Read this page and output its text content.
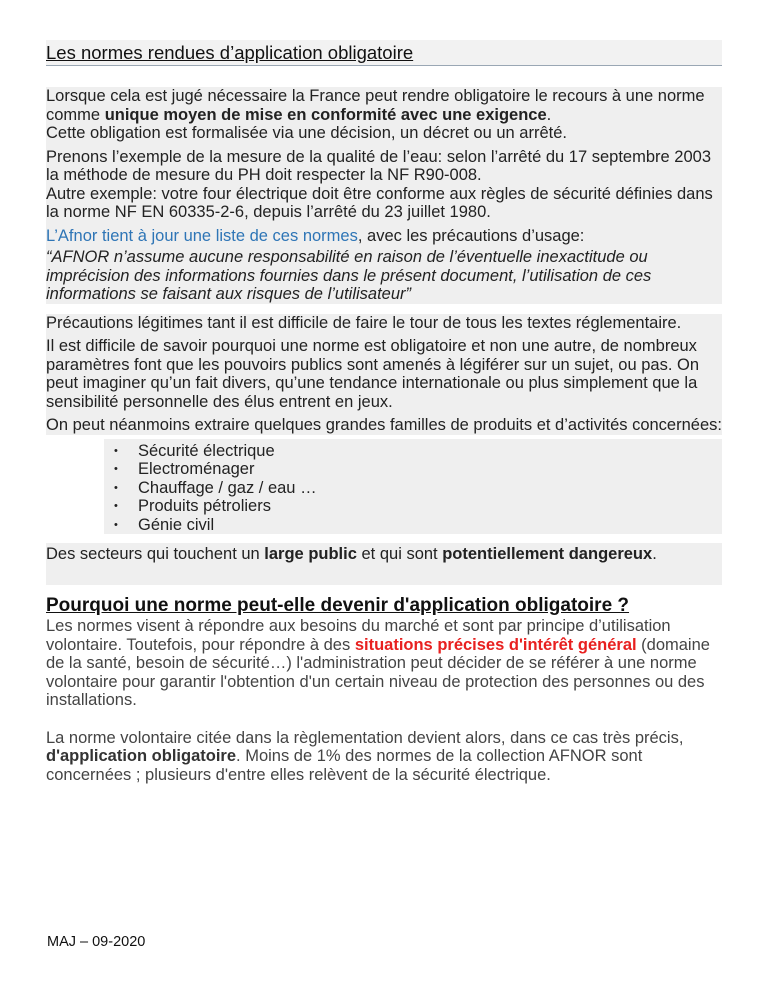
Les normes rendues d’application obligatoire

Lorsque cela est jugé nécessaire la France peut rendre obligatoire le recours à une norme comme unique moyen de mise en conformité avec une exigence.

Cette obligation est formalisée via une décision, un décret ou un arrêté.

Prenons l’exemple de la mesure de la qualité de l’eau: selon l’arrêté du 17 septembre 2003 la méthode de mesure du PH doit respecter la NF R90-008.

Autre exemple: votre four électrique doit être conforme aux règles de sécurité définies dans la norme NF EN 60335-2-6, depuis l’arrêté du 23 juillet 1980.

L’Afnor tient à jour une liste de ces normes, avec les précautions d’usage:

“AFNOR n’assume aucune responsabilité en raison de l’éventuelle inexactitude ou imprécision des informations fournies dans le présent document, l’utilisation de ces informations se faisant aux risques de l’utilisateur”

Précautions légitimes tant il est difficile de faire le tour de tous les textes réglementaire.

Il est difficile de savoir pourquoi une norme est obligatoire et non une autre, de nombreux paramètres font que les pouvoirs publics sont amenés à légiférer sur un sujet, ou pas. On peut imaginer qu’un fait divers, qu’une tendance internationale ou plus simplement que la sensibilité personnelle des élus entrent en jeux.

On peut néanmoins extraire quelques grandes familles de produits et d’activités concernées:

• Sécurité électrique
• Electroménager
• Chauffage / gaz / eau …
• Produits pétroliers
• Génie civil
Des secteurs qui touchent un large public et qui sont potentiellement dangereux.
Pourquoi une norme peut-elle devenir d'application obligatoire ?

Les normes visent à répondre aux besoins du marché et sont par principe d’utilisation volontaire. Toutefois, pour répondre à des situations précises d'intérêt général (domaine de la santé, besoin de sécurité…) l'administration peut décider de se référer à une norme volontaire pour garantir l'obtention d'un certain niveau de protection des personnes ou des installations.

La norme volontaire citée dans la règlementation devient alors, dans ce cas très précis, d'application obligatoire. Moins de 1% des normes de la collection AFNOR sont concernées ; plusieurs d'entre elles relèvent de la sécurité électrique.

MAJ – 09-2020
